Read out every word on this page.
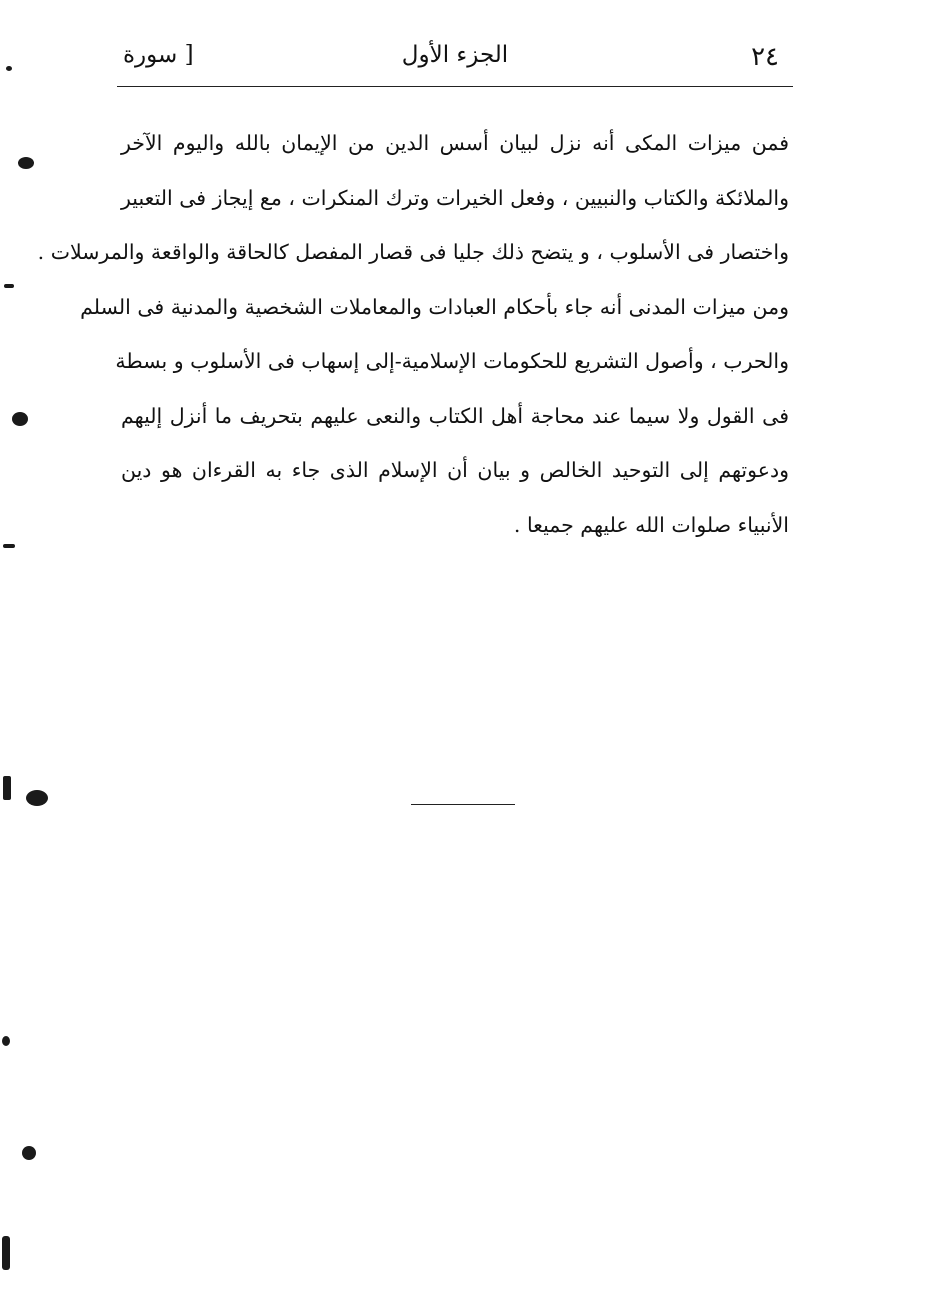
٢٤
الجزء الأول
[ سورة
فمن ميزات المكى أنه نزل لبيان أسس الدين من الإيمان بالله واليوم الآخر
والملائكة والكتاب والنبيين ، وفعل الخيرات وترك المنكرات ، مع إيجاز فى التعبير
واختصار فى الأسلوب ، و يتضح ذلك جليا فى قصار المفصل كالحاقة والواقعة والمرسلات .
ومن ميزات المدنى أنه جاء بأحكام العبادات والمعاملات الشخصية والمدنية فى السلم
والحرب ، وأصول التشريع للحكومات الإسلامية-إلى إسهاب فى الأسلوب و بسطة
فى القول ولا سيما عند محاجة أهل الكتاب والنعى عليهم بتحريف ما أنزل إليهم
ودعوتهم إلى التوحيد الخالص و بيان أن الإسلام الذى جاء به القرءان هو دين
الأنبياء صلوات الله عليهم جميعا .
